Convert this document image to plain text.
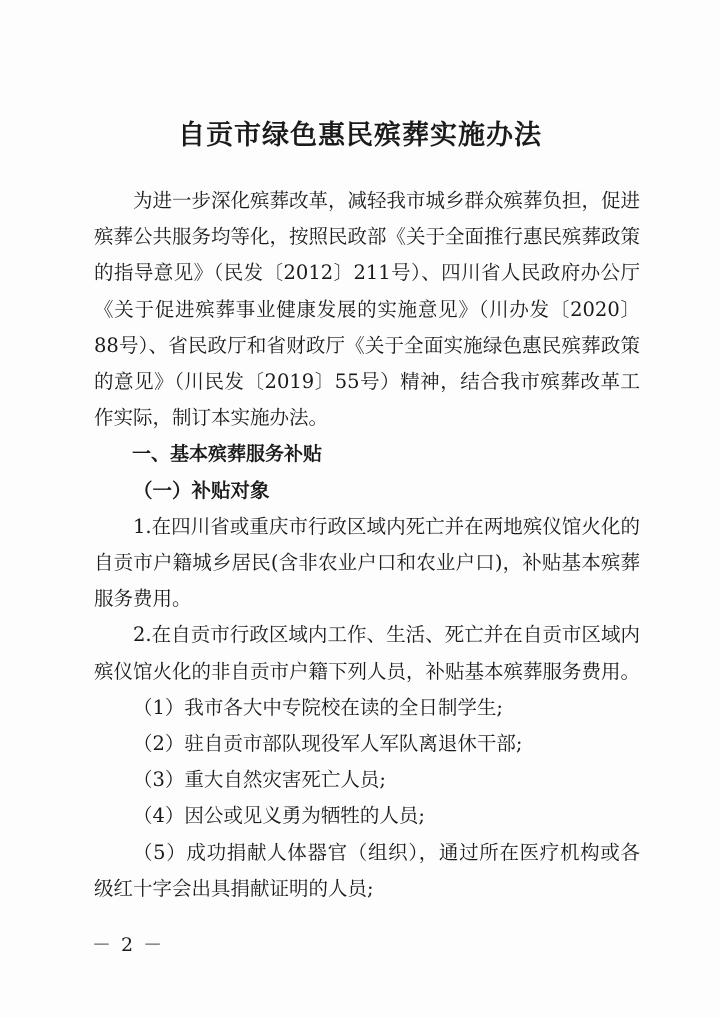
自贡市绿色惠民殡葬实施办法

为进一步深化殡葬改革，减轻我市城乡群众殡葬负担，促进殡葬公共服务均等化，按照民政部《关于全面推行惠民殡葬政策的指导意见》（民发〔2012〕211号）、四川省人民政府办公厅《关于促进殡葬事业健康发展的实施意见》（川办发〔2020〕88号）、省民政厅和省财政厅《关于全面实施绿色惠民殡葬政策的意见》（川民发〔2019〕55号）精神，结合我市殡葬改革工作实际，制订本实施办法。

一、基本殡葬服务补贴

（一）补贴对象

1.在四川省或重庆市行政区域内死亡并在两地殡仪馆火化的自贡市户籍城乡居民(含非农业户口和农业户口)，补贴基本殡葬服务费用。

2.在自贡市行政区域内工作、生活、死亡并在自贡市区域内殡仪馆火化的非自贡市户籍下列人员，补贴基本殡葬服务费用。

（1）我市各大中专院校在读的全日制学生;

（2）驻自贡市部队现役军人军队离退休干部;

（3）重大自然灾害死亡人员;

（4）因公或见义勇为牺牲的人员;

（5）成功捐献人体器官（组织），通过所在医疗机构或各级红十字会出具捐献证明的人员;

－ 2 －
